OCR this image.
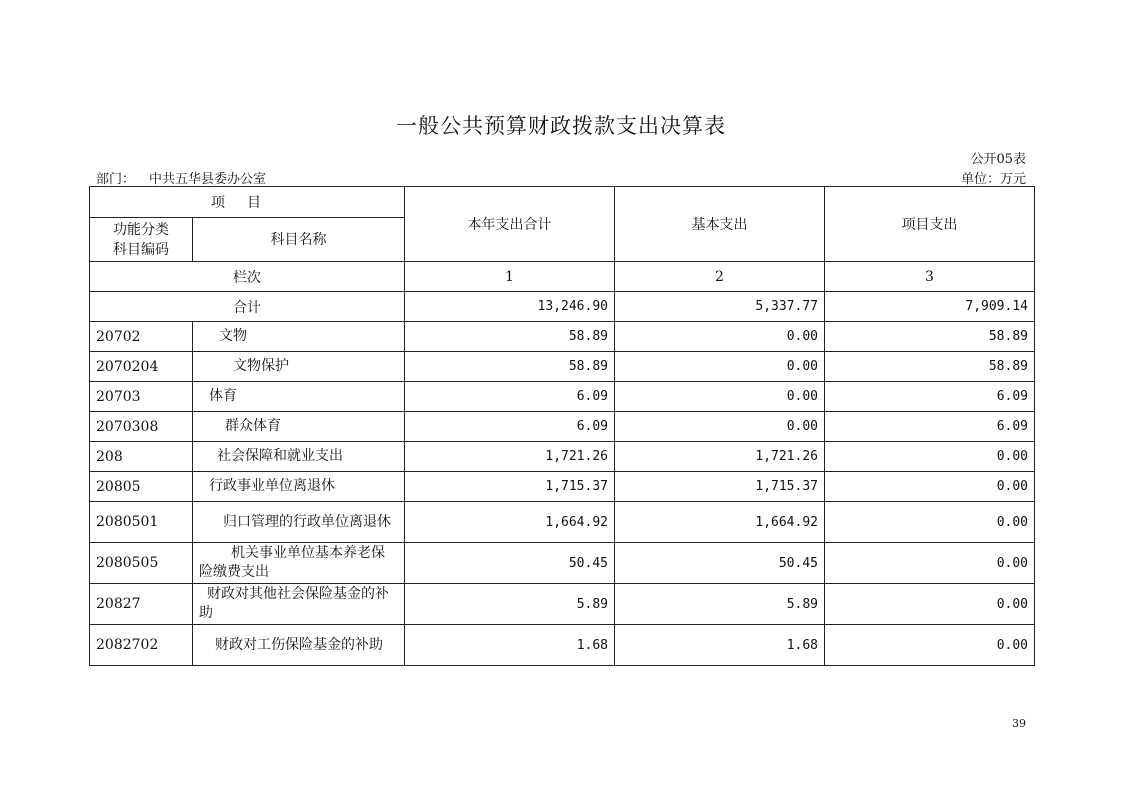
一般公共预算财政拨款支出决算表
公开05表
部门： 中共五华县委办公室	单位：万元
项目		本年支出合计	基本支出	项目支出

功能分类
科目编码	科目名称			
栏次		1	2	3
合计		13,246.90	5,337.77	7,909.14
20702	文物	58.89	0.00	58.89
2070204	文物保护	58.89	0.00	58.89
20703	体育	6.09	0.00	6.09
2070308	群众体育	6.09	0.00	6.09
208	社会保障和就业支出	1,721.26	1,721.26	0.00
20805	行政事业单位离退休	1,715.37	1,715.37	0.00
2080501	归口管理的行政单位离退休	1,664.92	1,664.92	0.00
2080505	机关事业单位基本养老保险缴费支出	50.45	50.45	0.00
20827	财政对其他社会保险基金的补助	5.89	5.89	0.00
2082702	财政对工伤保险基金的补助	1.68	1.68	0.00
39
